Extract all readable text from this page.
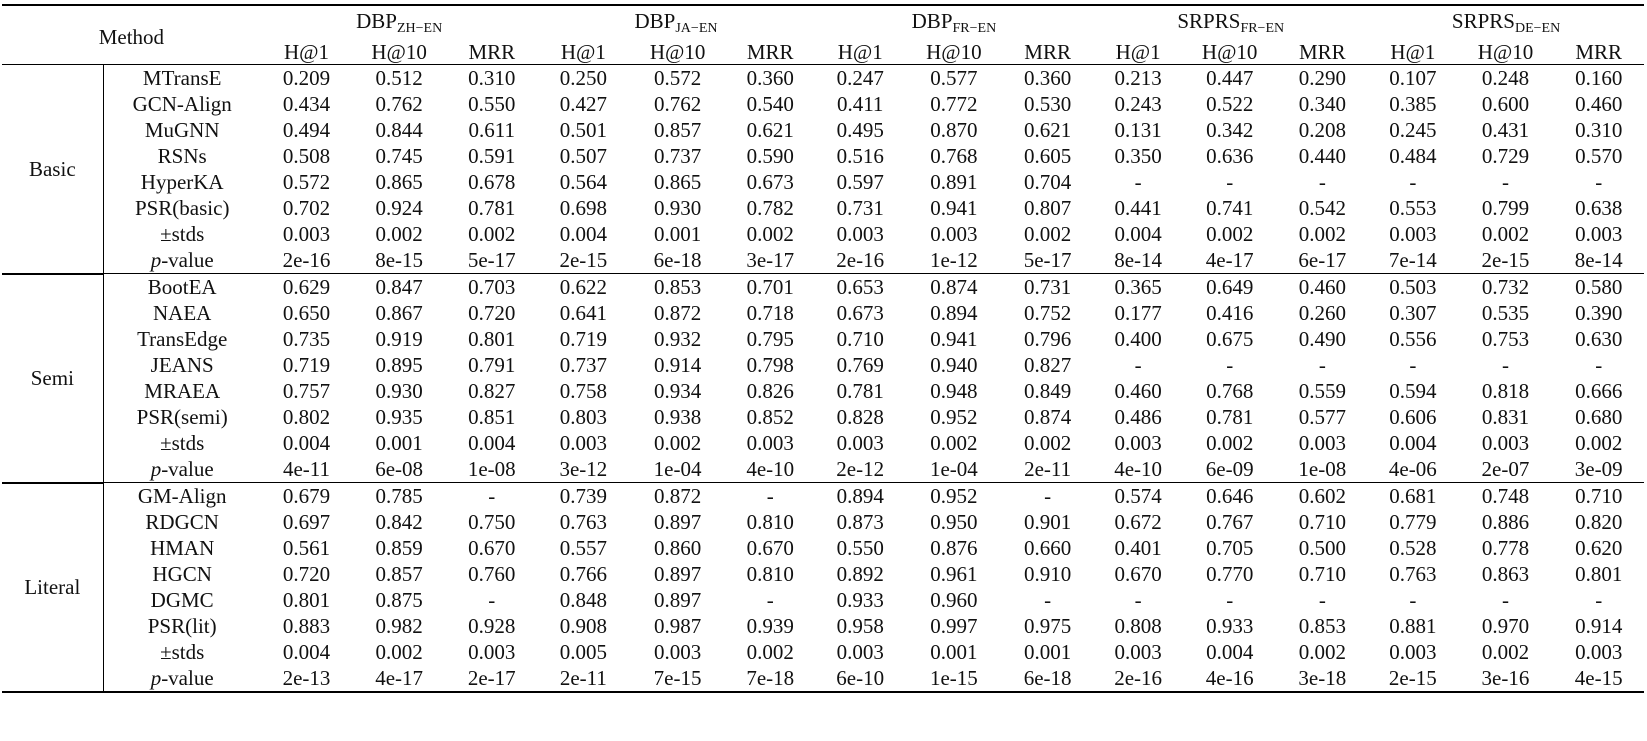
Method		$DBP_{ZH-EN}$			$DBP_{JA-EN}$			$DBP_{FR-EN}$			$SRPRS_{FR-EN}$			$SRPRS_{DE-EN}$
		H@1	H@10	MRR	H@1	H@10	MRR	H@1	H@10	MRR	H@1	H@10	MRR	H@1	H@10	MRR
Basic	MTransE	0.209	0.512	0.310	0.250	0.572	0.360	0.247	0.577	0.360	0.213	0.447	0.290	0.107	0.248	0.160
	GCN-Align	0.434	0.762	0.550	0.427	0.762	0.540	0.411	0.772	0.530	0.243	0.522	0.340	0.385	0.600	0.460
	MuGNN	0.494	0.844	0.611	0.501	0.857	0.621	0.495	0.870	0.621	0.131	0.342	0.208	0.245	0.431	0.310
	RSNs	0.508	0.745	0.591	0.507	0.737	0.590	0.516	0.768	0.605	0.350	0.636	0.440	0.484	0.729	0.570
	HyperKA	0.572	0.865	0.678	0.564	0.865	0.673	0.597	0.891	0.704	-	-	-	-	-	-
	PSR(basic)	0.702	0.924	0.781	0.698	0.930	0.782	0.731	0.941	0.807	0.441	0.741	0.542	0.553	0.799	0.638
	±stds	0.003	0.002	0.002	0.004	0.001	0.002	0.003	0.003	0.002	0.004	0.002	0.002	0.003	0.002	0.003
	p-value	2e-16	8e-15	5e-17	2e-15	6e-18	3e-17	2e-16	1e-12	5e-17	8e-14	4e-17	6e-17	7e-14	2e-15	8e-14
Semi	BootEA	0.629	0.847	0.703	0.622	0.853	0.701	0.653	0.874	0.731	0.365	0.649	0.460	0.503	0.732	0.580
	NAEA	0.650	0.867	0.720	0.641	0.872	0.718	0.673	0.894	0.752	0.177	0.416	0.260	0.307	0.535	0.390
	TransEdge	0.735	0.919	0.801	0.719	0.932	0.795	0.710	0.941	0.796	0.400	0.675	0.490	0.556	0.753	0.630
	JEANS	0.719	0.895	0.791	0.737	0.914	0.798	0.769	0.940	0.827	-	-	-	-	-	-
	MRAEA	0.757	0.930	0.827	0.758	0.934	0.826	0.781	0.948	0.849	0.460	0.768	0.559	0.594	0.818	0.666
	PSR(semi)	0.802	0.935	0.851	0.803	0.938	0.852	0.828	0.952	0.874	0.486	0.781	0.577	0.606	0.831	0.680
	±stds	0.004	0.001	0.004	0.003	0.002	0.003	0.003	0.002	0.002	0.003	0.002	0.003	0.004	0.003	0.002
	p-value	4e-11	6e-08	1e-08	3e-12	1e-04	4e-10	2e-12	1e-04	2e-11	4e-10	6e-09	1e-08	4e-06	2e-07	3e-09
Literal	GM-Align	0.679	0.785	-	0.739	0.872	-	0.894	0.952	-	0.574	0.646	0.602	0.681	0.748	0.710
	RDGCN	0.697	0.842	0.750	0.763	0.897	0.810	0.873	0.950	0.901	0.672	0.767	0.710	0.779	0.886	0.820
	HMAN	0.561	0.859	0.670	0.557	0.860	0.670	0.550	0.876	0.660	0.401	0.705	0.500	0.528	0.778	0.620
	HGCN	0.720	0.857	0.760	0.766	0.897	0.810	0.892	0.961	0.910	0.670	0.770	0.710	0.763	0.863	0.801
	DGMC	0.801	0.875	-	0.848	0.897	-	0.933	0.960	-	-	-	-	-	-	-
	PSR(lit)	0.883	0.982	0.928	0.908	0.987	0.939	0.958	0.997	0.975	0.808	0.933	0.853	0.881	0.970	0.914
	±stds	0.004	0.002	0.003	0.005	0.003	0.002	0.003	0.001	0.001	0.003	0.004	0.002	0.003	0.002	0.003
	p-value	2e-13	4e-17	2e-17	2e-11	7e-15	7e-18	6e-10	1e-15	6e-18	2e-16	4e-16	3e-18	2e-15	3e-16	4e-15
